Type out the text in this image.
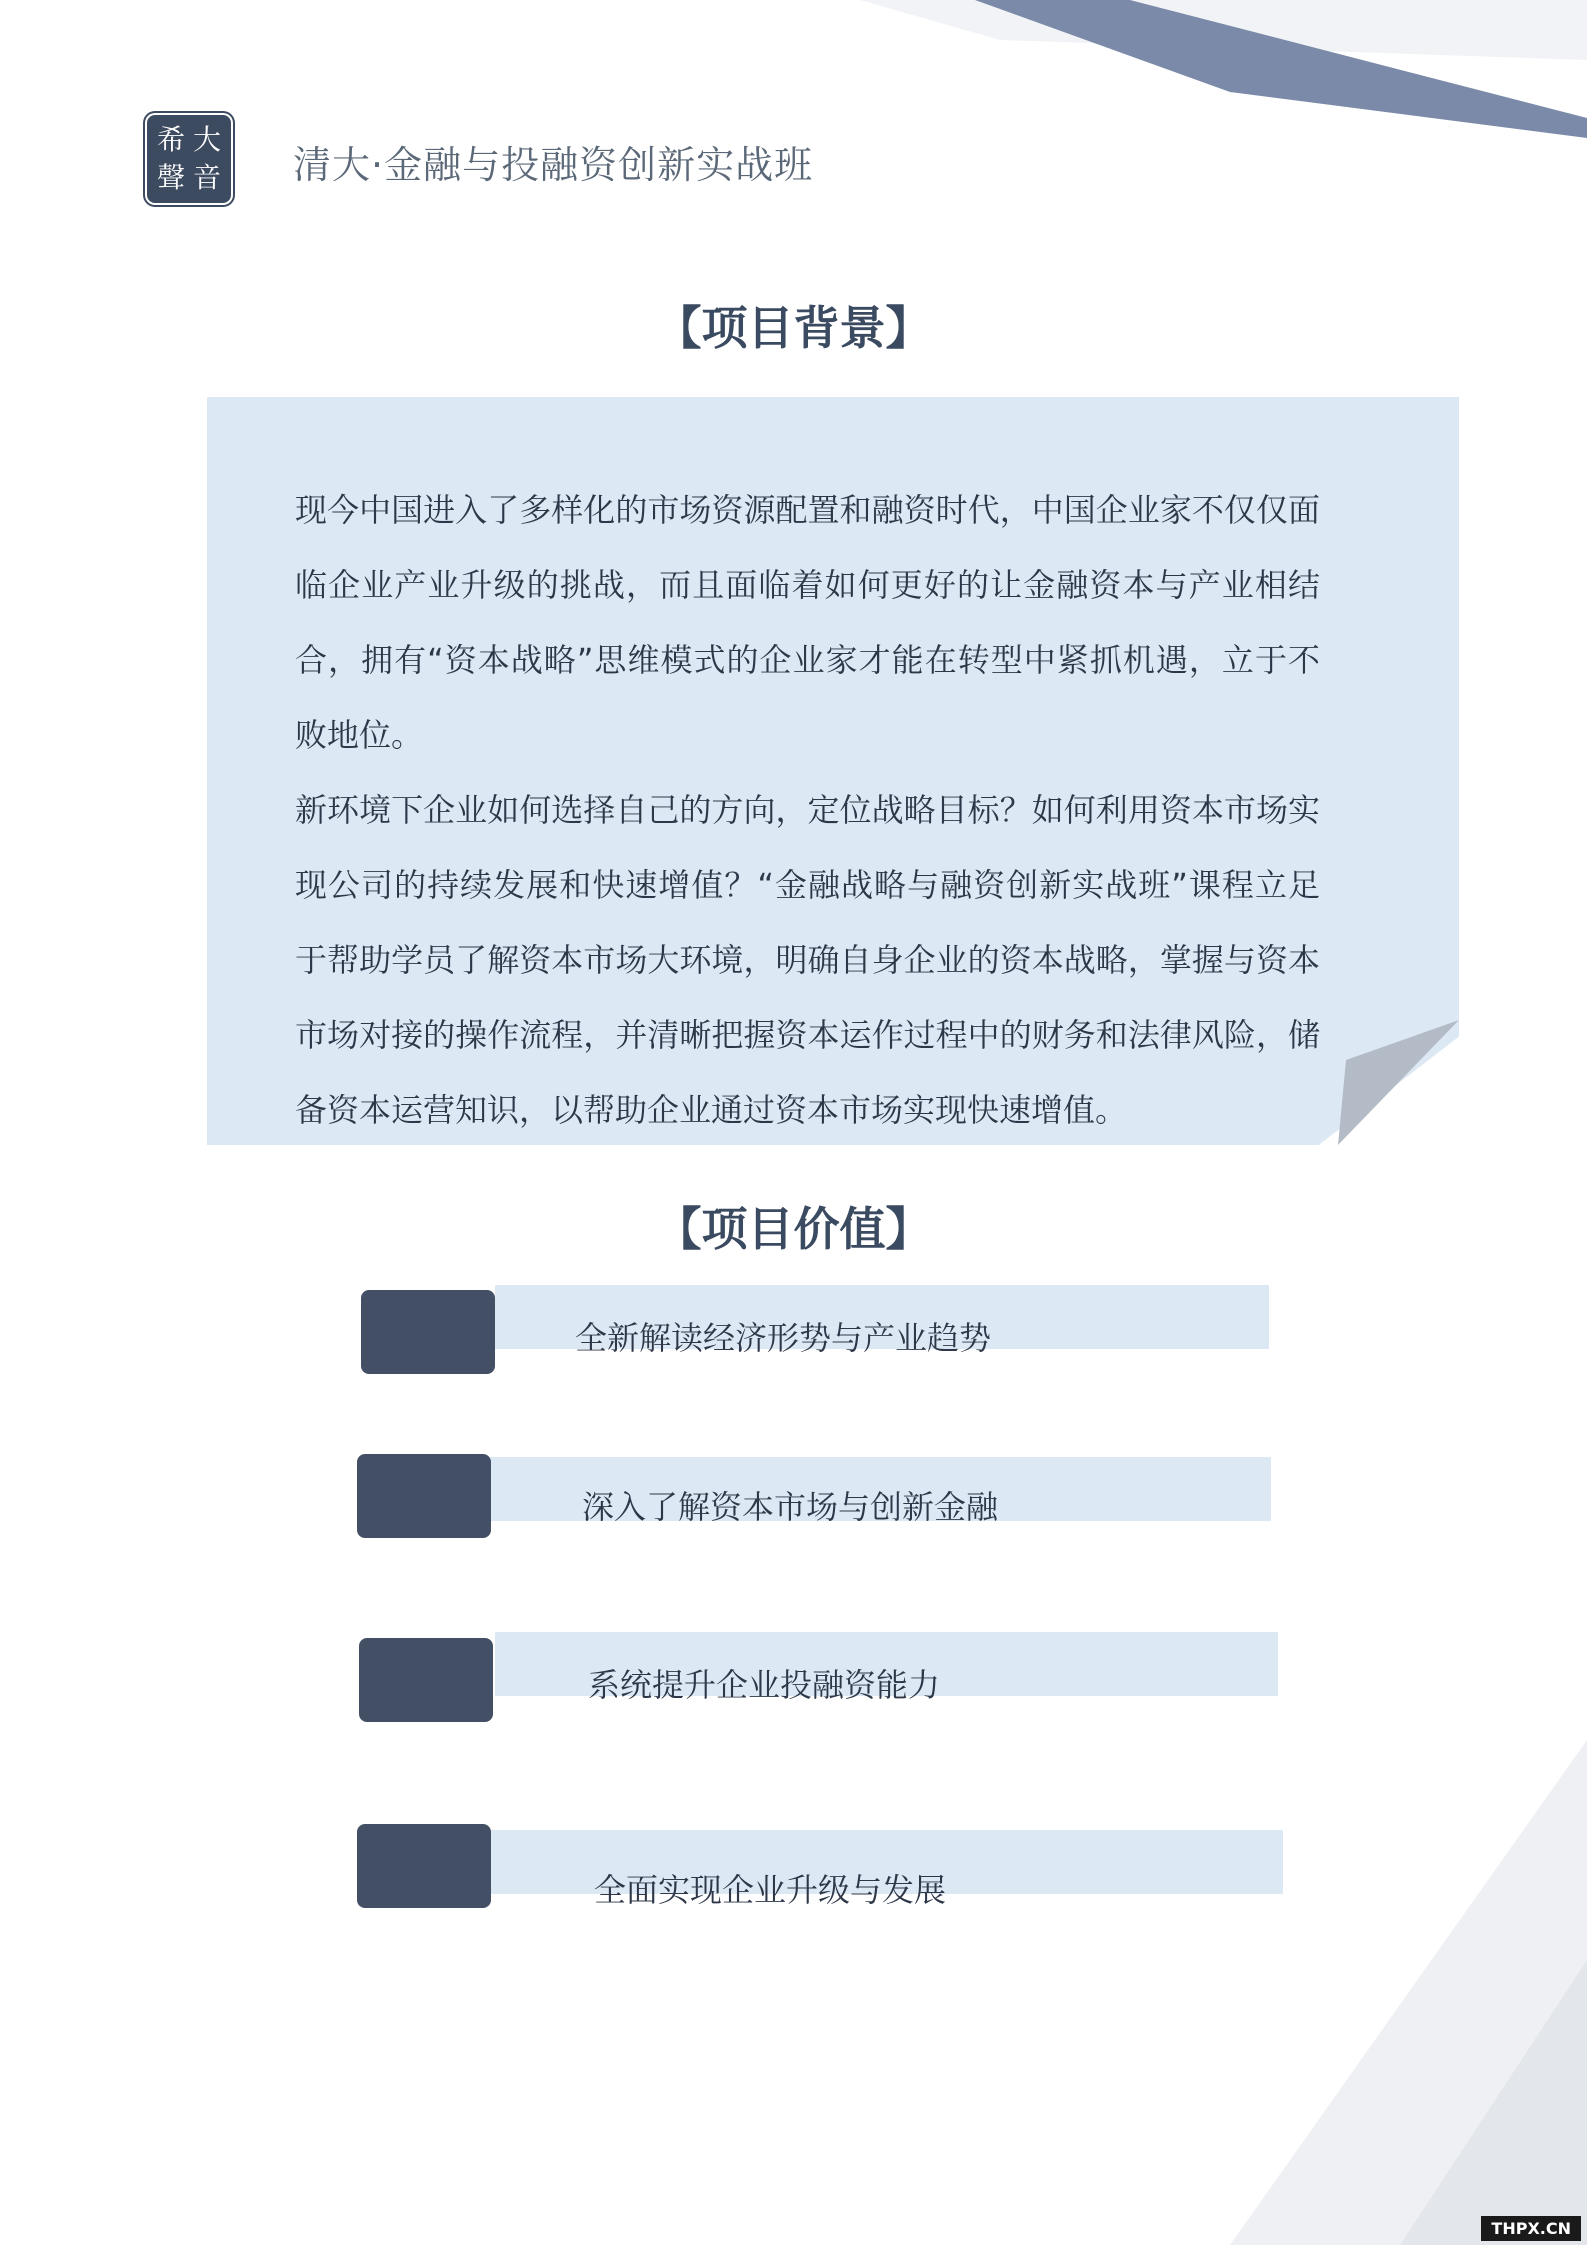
希 大
聲 音 清大·金融与投融资创新实战班
【项目背景】

现今中国进入了多样化的市场资源配置和融资时代，中国企业家不仅仅面临企业产业升级的挑战，而且面临着如何更好的让金融资本与产业相结合，拥有“资本战略”思维模式的企业家才能在转型中紧抓机遇，立于不败地位。

新环境下企业如何选择自己的方向，定位战略目标？如何利用资本市场实现公司的持续发展和快速增值？“金融战略与融资创新实战班”课程立足于帮助学员了解资本市场大环境，明确自身企业的资本战略，掌握与资本市场对接的操作流程，并清晰把握资本运作过程中的财务和法律风险，储备资本运营知识，以帮助企业通过资本市场实现快速增值。

【项目价值】
全新解读经济形势与产业趋势
深入了解资本市场与创新金融
系统提升企业投融资能力
全面实现企业升级与发展
THPX.CN
